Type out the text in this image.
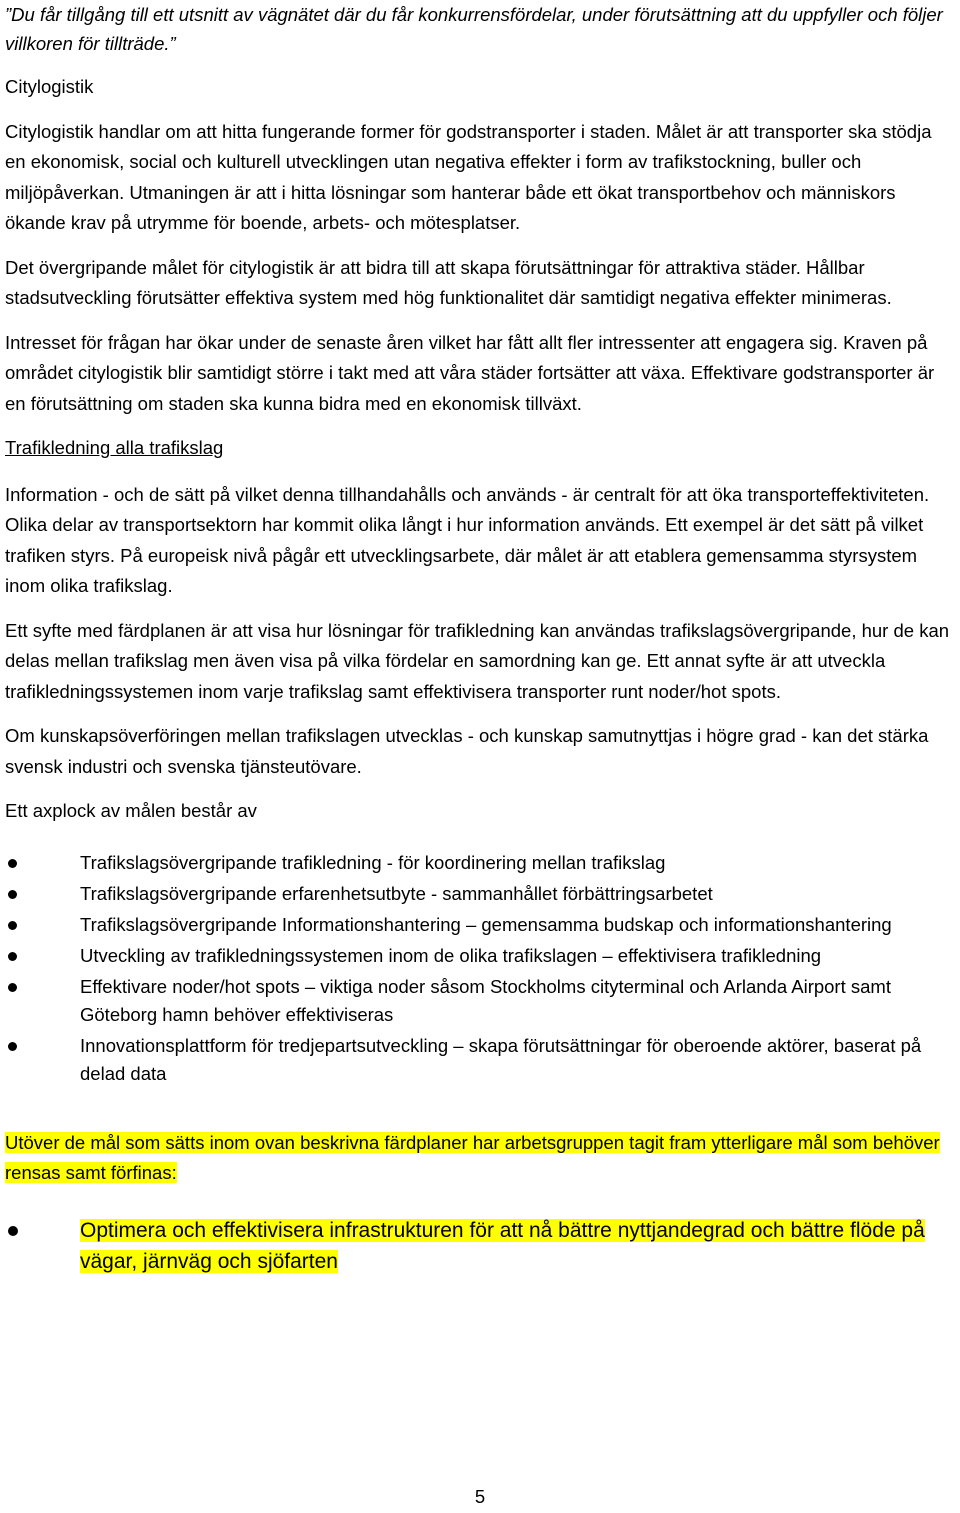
”Du får tillgång till ett utsnitt av vägnätet där du får konkurrensfördelar, under förutsättning att du uppfyller och följer villkoren för tillträde.”

Citylogistik

Citylogistik handlar om att hitta fungerande former för godstransporter i staden. Målet är att transporter ska stödja en ekonomisk, social och kulturell utvecklingen utan negativa effekter i form av trafikstockning, buller och miljöpåverkan. Utmaningen är att i hitta lösningar som hanterar både ett ökat transportbehov och människors ökande krav på utrymme för boende, arbets- och mötesplatser.

Det övergripande målet för citylogistik är att bidra till att skapa förutsättningar för attraktiva städer. Hållbar stadsutveckling förutsätter effektiva system med hög funktionalitet där samtidigt negativa effekter minimeras.

Intresset för frågan har ökar under de senaste åren vilket har fått allt fler intressenter att engagera sig. Kraven på området citylogistik blir samtidigt större i takt med att våra städer fortsätter att växa. Effektivare godstransporter är en förutsättning om staden ska kunna bidra med en ekonomisk tillväxt.

Trafikledning alla trafikslag

Information - och de sätt på vilket denna tillhandahålls och används - är centralt för att öka transporteffektiviteten. Olika delar av transportsektorn har kommit olika långt i hur information används. Ett exempel är det sätt på vilket trafiken styrs. På europeisk nivå pågår ett utvecklingsarbete, där målet är att etablera gemensamma styrsystem inom olika trafikslag.

Ett syfte med färdplanen är att visa hur lösningar för trafikledning kan användas trafikslagsövergripande, hur de kan delas mellan trafikslag men även visa på vilka fördelar en samordning kan ge. Ett annat syfte är att utveckla trafikledningssystemen inom varje trafikslag samt effektivisera transporter runt noder/hot spots.

Om kunskapsöverföringen mellan trafikslagen utvecklas - och kunskap samutnyttjas i högre grad - kan det stärka svensk industri och svenska tjänsteutövare.

Ett axplock av målen består av

Trafikslagsövergripande trafikledning - för koordinering mellan trafikslag
Trafikslagsövergripande erfarenhetsutbyte - sammanhållet förbättringsarbetet
Trafikslagsövergripande Informationshantering – gemensamma budskap och informationshantering
Utveckling av trafikledningssystemen inom de olika trafikslagen – effektivisera trafikledning
Effektivare noder/hot spots – viktiga noder såsom Stockholms cityterminal och Arlanda Airport samt Göteborg hamn behöver effektiviseras
Innovationsplattform för tredjepartsutveckling – skapa förutsättningar för oberoende aktörer, baserat på delad data

Utöver de mål som sätts inom ovan beskrivna färdplaner har arbetsgruppen tagit fram ytterligare mål som behöver rensas samt förfinas:

Optimera och effektivisera infrastrukturen för att nå bättre nyttjandegrad och bättre flöde på vägar, järnväg och sjöfarten
5
